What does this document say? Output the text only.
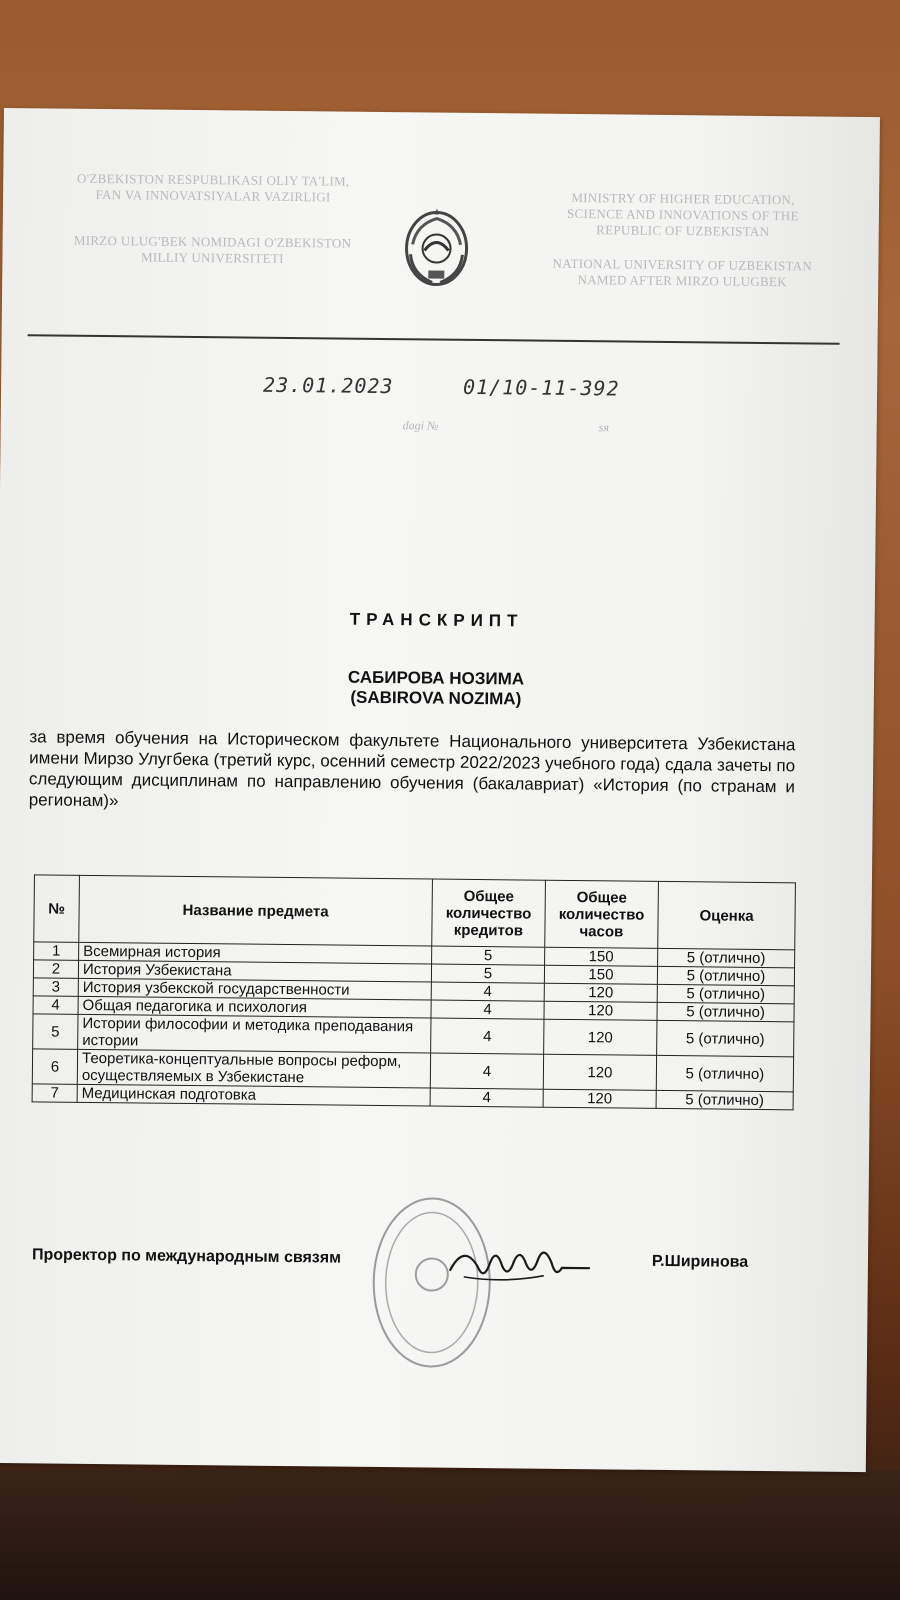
O'ZBEKISTON RESPUBLIKASI OLIY TA'LIM,
FAN VA INNOVATSIYALAR VAZIRLIGI
MIRZO ULUG'BEK NOMIDAGI O'ZBEKISTON
MILLIY UNIVERSITETI
MINISTRY OF HIGHER EDUCATION,
SCIENCE AND INNOVATIONS OF THE
REPUBLIC OF UZBEKISTAN
NATIONAL UNIVERSITY OF UZBEKISTAN
NAMED AFTER MIRZO ULUGBEK
23.01.2023	01/10-11-392
dagi №	sя
ТРАНСКРИПТ
САБИРОВА НОЗИМА
(SABIROVA NOZIMA)
за время обучения на Историческом факультете Национального университета Узбекистана имени Мирзо Улугбека (третий курс, осенний семестр 2022/2023 учебного года) сдала зачеты по следующим дисциплинам по направлению обучения (бакалавриат) «История (по странам и регионам)»
№	Название предмета	Общее количество кредитов	Общее количество часов	Оценка
1	Всемирная история	5	150	5 (отлично)
2	История Узбекистана	5	150	5 (отлично)
3	История узбекской государственности	4	120	5 (отлично)
4	Общая педагогика и психология	4	120	5 (отлично)
5	Истории философии и методика преподавания истории	4	120	5 (отлично)
6	Теоретика-концептуальные вопросы реформ, осуществляемых в Узбекистане	4	120	5 (отлично)
7	Медицинская подготовка	4	120	5 (отлично)
Проректор по международным связям	Р.Ширинова
